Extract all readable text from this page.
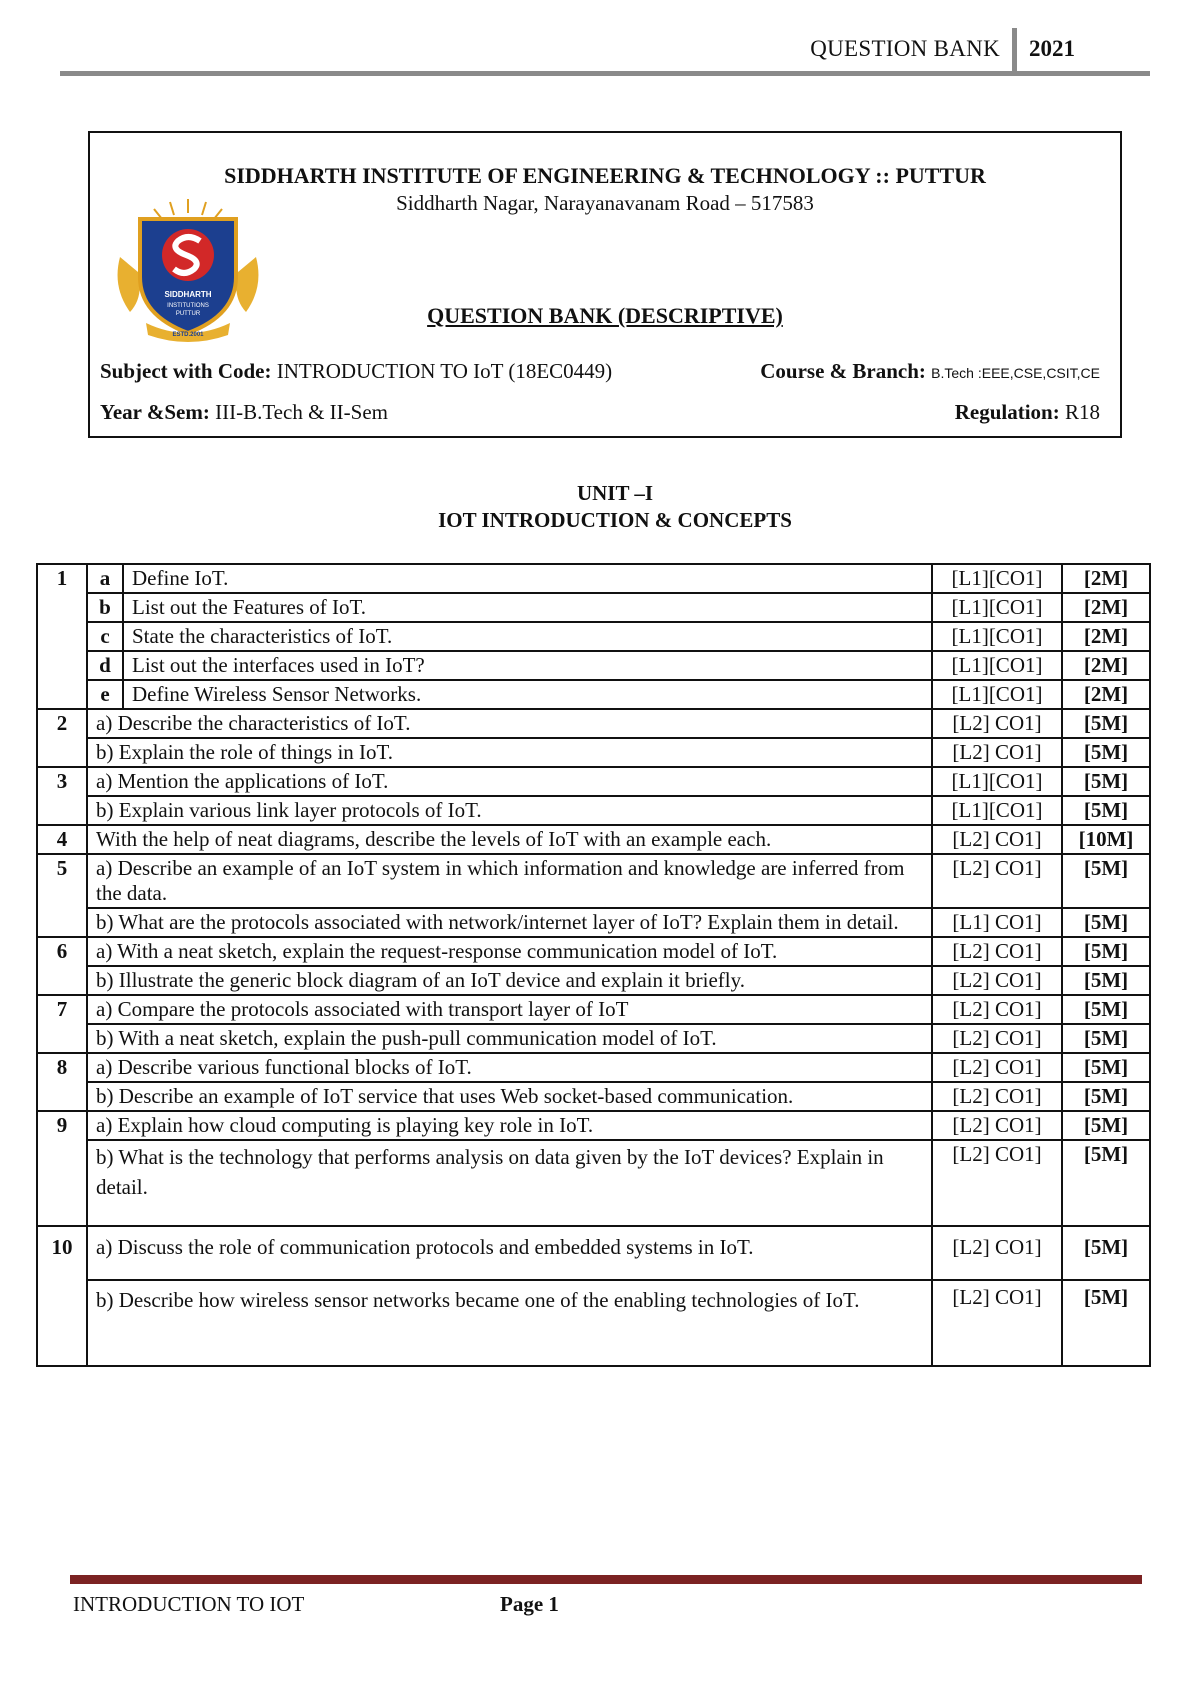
QUESTION BANK 2021
SIDDHARTH INSTITUTE OF ENGINEERING & TECHNOLOGY :: PUTTUR
Siddharth Nagar, Narayanavanam Road – 517583
SIDDHARTH
INSTITUTIONS
PUTTUR
ESTD.2001
QUESTION BANK (DESCRIPTIVE)
Subject with Code: INTRODUCTION TO IoT (18EC0449)	Course & Branch: B.Tech :EEE,CSE,CSIT,CE
Year &Sem: III-B.Tech & II-Sem	Regulation: R18
UNIT –I
IOT INTRODUCTION & CONCEPTS
1	a	Define IoT.	[L1][CO1]	[2M]
	b	List out the Features of IoT.	[L1][CO1]	[2M]
	c	State the characteristics of IoT.	[L1][CO1]	[2M]
	d	List out the interfaces used in IoT?	[L1][CO1]	[2M]
	e	Define Wireless Sensor Networks.	[L1][CO1]	[2M]
2	a) Describe the characteristics of IoT.		[L2] CO1]	[5M]
	b) Explain the role of things in IoT.		[L2] CO1]	[5M]
3	a) Mention the applications of IoT.		[L1][CO1]	[5M]
	b) Explain various link layer protocols of IoT.		[L1][CO1]	[5M]
4	With the help of neat diagrams, describe the levels of IoT with an example each.		[L2] CO1]	[10M]
5	a) Describe an example of an IoT system in which information and knowledge are inferred from the data.		[L2] CO1]	[5M]
	b) What are the protocols associated with network/internet layer of IoT? Explain them in detail.		[L1] CO1]	[5M]
6	a) With a neat sketch, explain the request-response communication model of IoT.		[L2] CO1]	[5M]
	b) Illustrate the generic block diagram of an IoT device and explain it briefly.		[L2] CO1]	[5M]
7	a) Compare the protocols associated with transport layer of IoT		[L2] CO1]	[5M]
	b) With a neat sketch, explain the push-pull communication model of IoT.		[L2] CO1]	[5M]
8	a) Describe various functional blocks of IoT.		[L2] CO1]	[5M]
	b) Describe an example of IoT service that uses Web socket-based communication.		[L2] CO1]	[5M]
9	a) Explain how cloud computing is playing key role in IoT.		[L2] CO1]	[5M]
	b) What is the technology that performs analysis on data given by the IoT devices? Explain in detail.		[L2] CO1]	[5M]
10	a) Discuss the role of communication protocols and embedded systems in IoT.		[L2] CO1]	[5M]
	b) Describe how wireless sensor networks became one of the enabling technologies of IoT.		[L2] CO1]	[5M]
INTRODUCTION TO IOT	Page 1
